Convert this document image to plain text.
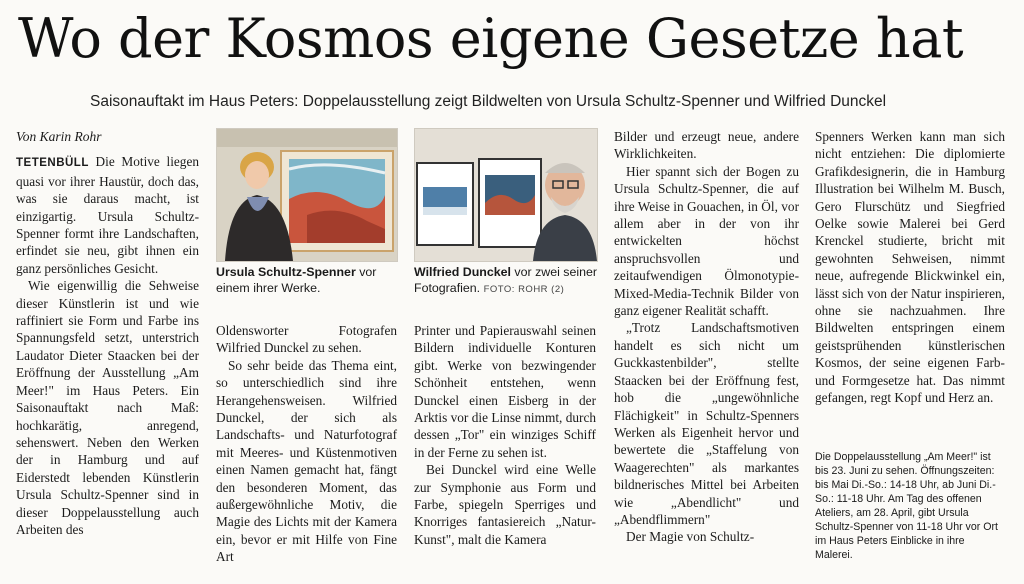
Wo der Kosmos eigene Gesetze hat
Saisonauftakt im Haus Peters: Doppelausstellung zeigt Bildwelten von Ursula Schultz-Spenner und Wilfried Dunckel
Von Karin Rohr

TETENBÜLL Die Motive liegen quasi vor ihrer Haustür, doch das, was sie daraus macht, ist einzigartig. Ursula Schultz-Spenner formt ihre Landschaften, erfindet sie neu, gibt ihnen ein ganz persönliches Gesicht.

Wie eigenwillig die Sehweise dieser Künstlerin ist und wie raffiniert sie Form und Farbe ins Spannungsfeld setzt, unterstrich Laudator Dieter Staacken bei der Eröffnung der Ausstellung „Am Meer!" im Haus Peters. Ein Saisonauftakt nach Maß: hochkarätig, anregend, sehenswert. Neben den Werken der in Hamburg und auf Eiderstedt lebenden Künstlerin Ursula Schultz-Spenner sind in dieser Doppelausstellung auch Arbeiten des

Ursula Schultz-Spenner vor einem ihrer Werke.
Wilfried Dunckel vor zwei seiner Fotografien. FOTO: ROHR (2)

Oldensworter Fotografen Wilfried Dunckel zu sehen.

So sehr beide das Thema eint, so unterschiedlich sind ihre Herangehensweisen. Wilfried Dunckel, der sich als Landschafts- und Naturfotograf mit Meeres- und Küstenmotiven einen Namen gemacht hat, fängt den besonderen Moment, das außergewöhnliche Motiv, die Magie des Lichts mit der Kamera ein, bevor er mit Hilfe von Fine Art

Printer und Papierauswahl seinen Bildern individuelle Konturen gibt. Werke von bezwingender Schönheit entstehen, wenn Dunckel einen Eisberg in der Arktis vor die Linse nimmt, durch dessen „Tor" ein winziges Schiff in der Ferne zu sehen ist.

Bei Dunckel wird eine Welle zur Symphonie aus Form und Farbe, spiegeln Sperriges und Knorriges fantasiereich „Natur-Kunst", malt die Kamera

Bilder und erzeugt neue, andere Wirklichkeiten.

Hier spannt sich der Bogen zu Ursula Schultz-Spenner, die auf ihre Weise in Gouachen, in Öl, vor allem aber in der von ihr entwickelten höchst anspruchsvollen und zeitaufwendigen Ölmonotypie-Mixed-Media-Technik Bilder von ganz eigener Realität schafft.

„Trotz Landschaftsmotiven handelt es sich nicht um Guckkastenbilder", stellte Staacken bei der Eröffnung fest, hob die „ungewöhnliche Flächigkeit" in Schultz-Spenners Werken als Eigenheit hervor und bewertete die „Staffelung von Waagerechten" als markantes bildnerisches Mittel bei Arbeiten wie „Abendlicht" und „Abendflimmern"

Der Magie von Schultz-

Spenners Werken kann man sich nicht entziehen: Die diplomierte Grafikdesignerin, die in Hamburg Illustration bei Wilhelm M. Busch, Gero Flurschütz und Siegfried Oelke sowie Malerei bei Gerd Krenckel studierte, bricht mit gewohnten Sehweisen, nimmt neue, aufregende Blickwinkel ein, lässt sich von der Natur inspirieren, ohne sie nachzuahmen. Ihre Bildwelten entspringen einem geistsprühenden künstlerischen Kosmos, der seine eigenen Farb- und Formgesetze hat. Das nimmt gefangen, regt Kopf und Herz an.

Die Doppelausstellung „Am Meer!" ist bis 23. Juni zu sehen. Öffnungszeiten: bis Mai Di.-So.: 14-18 Uhr, ab Juni Di.-So.: 11-18 Uhr. Am Tag des offenen Ateliers, am 28. April, gibt Ursula Schultz-Spenner von 11-18 Uhr vor Ort im Haus Peters Einblicke in ihre Malerei.
